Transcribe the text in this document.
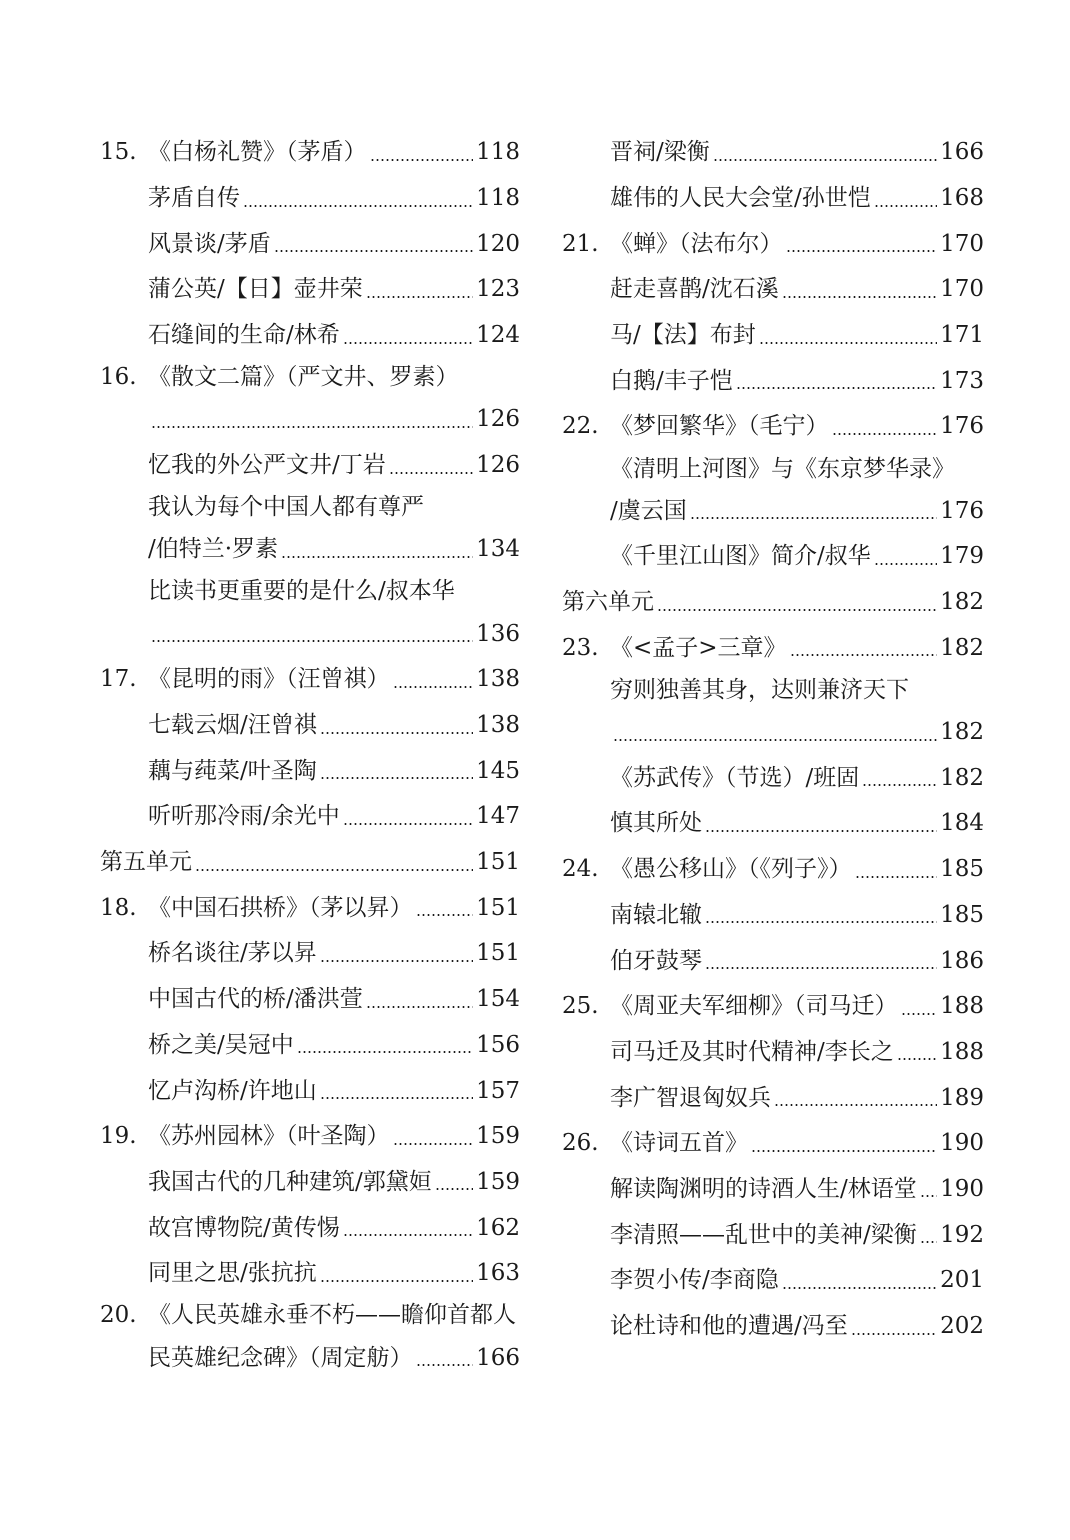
15. 《白杨礼赞》（茅盾）	118
茅盾自传	118
风景谈/茅盾	120
蒲公英/【日】壶井荣	123
石缝间的生命/林希	124
16. 《散文二篇》（严文井、罗素）
126
忆我的外公严文井/丁岩	126
我认为每个中国人都有尊严
/伯特兰·罗素	134
比读书更重要的是什么/叔本华
136
17. 《昆明的雨》（汪曾祺）	138
七载云烟/汪曾祺	138
藕与莼菜/叶圣陶	145
听听那冷雨/余光中	147
第五单元	151
18. 《中国石拱桥》（茅以昇）	151
桥名谈往/茅以昇	151
中国古代的桥/潘洪萱	154
桥之美/吴冠中	156
忆卢沟桥/许地山	157
19. 《苏州园林》（叶圣陶）	159
我国古代的几种建筑/郭黛姮 159
故宫博物院/黄传惕	162
同里之思/张抗抗	163
20. 《人民英雄永垂不朽——瞻仰首都人
民英雄纪念碑》（周定舫）	166
晋祠/梁衡	166
雄伟的人民大会堂/孙世恺	168
21. 《蝉》（法布尔）	170
赶走喜鹊/沈石溪	170
马/【法】布封	171
白鹅/丰子恺	173
22. 《梦回繁华》（毛宁）	176
《清明上河图》与《东京梦华录》
/虞云国	176
《千里江山图》简介/叔华	179
第六单元	182
23. 《<孟子>三章》	182
穷则独善其身，达则兼济天下
182
《苏武传》（节选）/班固	182
慎其所处	184
24. 《愚公移山》（《列子》）	185
南辕北辙	185
伯牙鼓琴	186
25. 《周亚夫军细柳》（司马迁） 188
司马迁及其时代精神/李长之 188
李广智退匈奴兵	189
26. 《诗词五首》	190
解读陶渊明的诗酒人生/林语堂 190
李清照——乱世中的美神/梁衡 192
李贺小传/李商隐	201
论杜诗和他的遭遇/冯至	202
